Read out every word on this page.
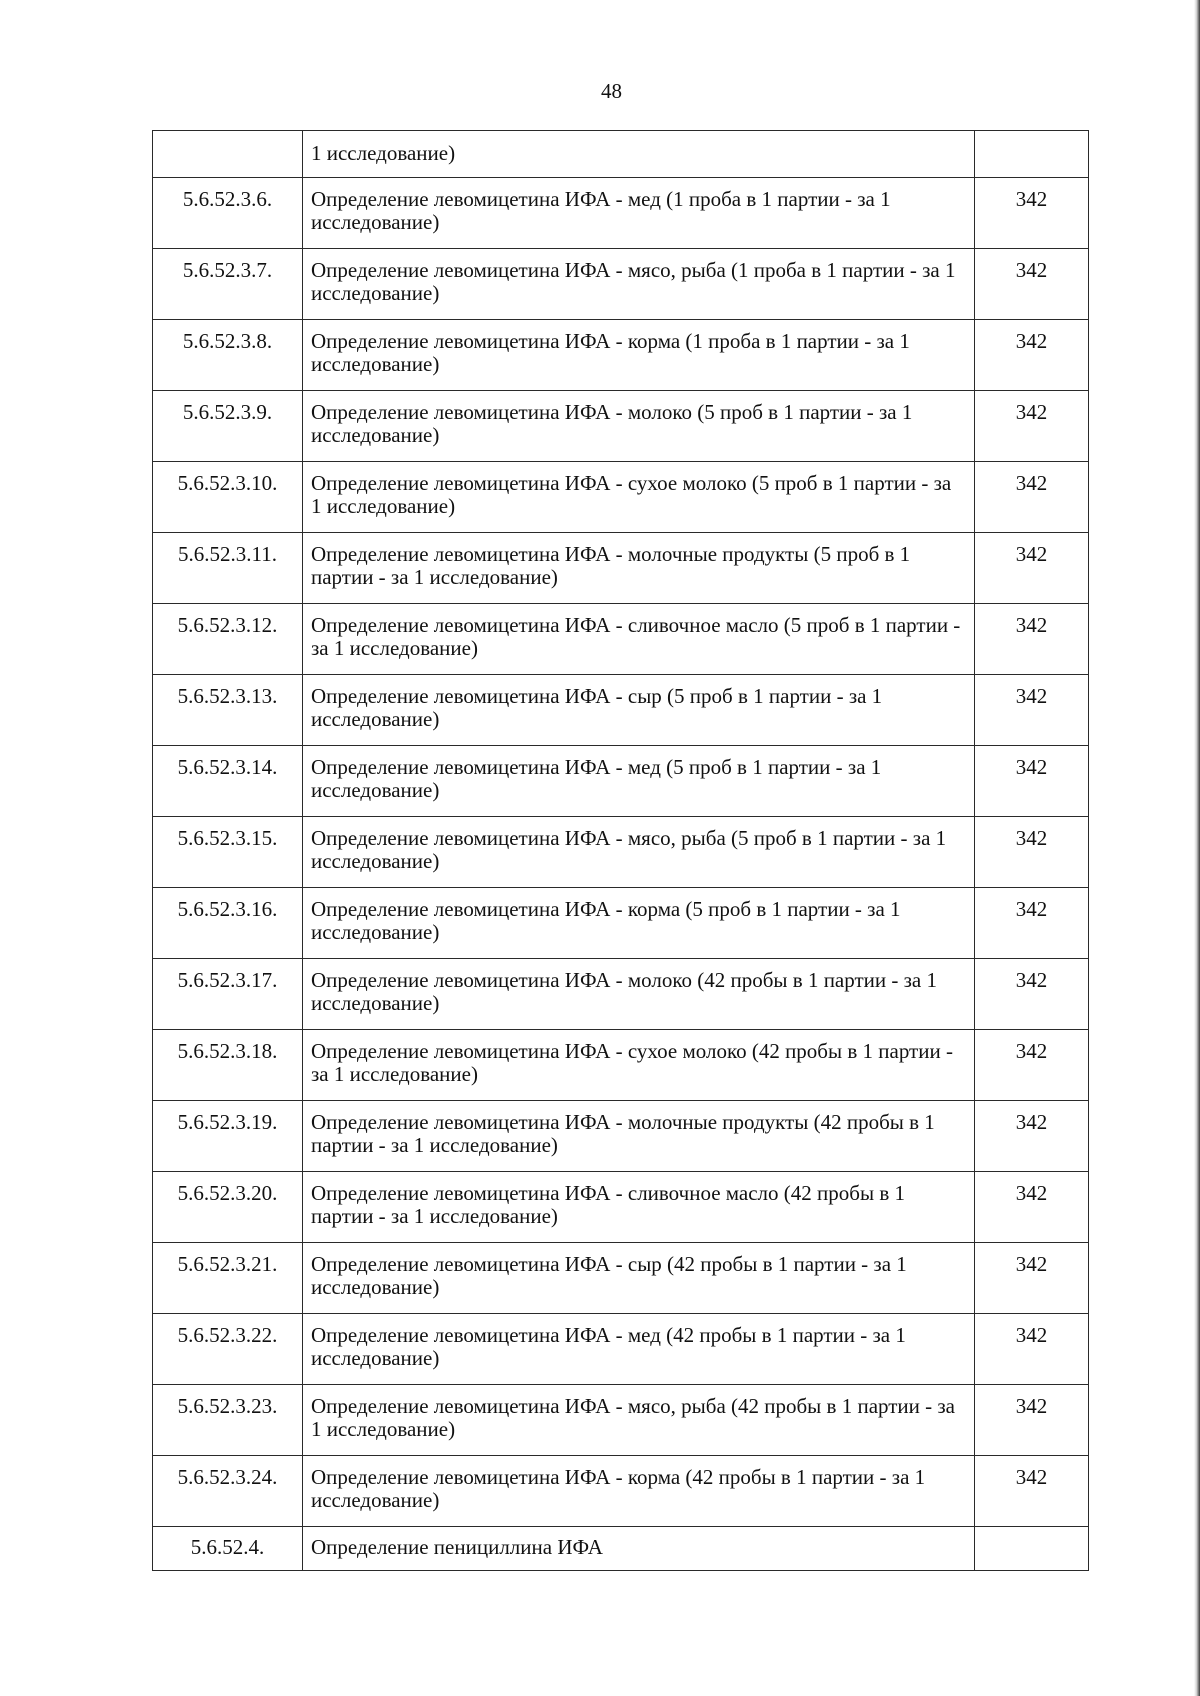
48
	1 исследование)	
5.6.52.3.6.	Определение левомицетина ИФА - мед (1 проба в 1 партии - за 1 исследование)	342
5.6.52.3.7.	Определение левомицетина ИФА - мясо, рыба (1 проба в 1 партии - за 1 исследование)	342
5.6.52.3.8.	Определение левомицетина ИФА - корма (1 проба в 1 партии - за 1 исследование)	342
5.6.52.3.9.	Определение левомицетина ИФА - молоко (5 проб в 1 партии - за 1 исследование)	342
5.6.52.3.10.	Определение левомицетина ИФА - сухое молоко (5 проб в 1 партии - за 1 исследование)	342
5.6.52.3.11.	Определение левомицетина ИФА - молочные продукты (5 проб в 1 партии - за 1 исследование)	342
5.6.52.3.12.	Определение левомицетина ИФА - сливочное масло (5 проб в 1 партии - за 1 исследование)	342
5.6.52.3.13.	Определение левомицетина ИФА - сыр (5 проб в 1 партии - за 1 исследование)	342
5.6.52.3.14.	Определение левомицетина ИФА - мед (5 проб в 1 партии - за 1 исследование)	342
5.6.52.3.15.	Определение левомицетина ИФА - мясо, рыба (5 проб в 1 партии - за 1 исследование)	342
5.6.52.3.16.	Определение левомицетина ИФА - корма (5 проб в 1 партии - за 1 исследование)	342
5.6.52.3.17.	Определение левомицетина ИФА - молоко (42 пробы в 1 партии - за 1 исследование)	342
5.6.52.3.18.	Определение левомицетина ИФА - сухое молоко (42 пробы в 1 партии - за 1 исследование)	342
5.6.52.3.19.	Определение левомицетина ИФА - молочные продукты (42 пробы в 1 партии - за 1 исследование)	342
5.6.52.3.20.	Определение левомицетина ИФА - сливочное масло (42 пробы в 1 партии - за 1 исследование)	342
5.6.52.3.21.	Определение левомицетина ИФА - сыр (42 пробы в 1 партии - за 1 исследование)	342
5.6.52.3.22.	Определение левомицетина ИФА - мед (42 пробы в 1 партии - за 1 исследование)	342
5.6.52.3.23.	Определение левомицетина ИФА - мясо, рыба (42 пробы в 1 партии - за 1 исследование)	342
5.6.52.3.24.	Определение левомицетина ИФА - корма (42 пробы в 1 партии - за 1 исследование)	342
5.6.52.4.	Определение пенициллина ИФА	
